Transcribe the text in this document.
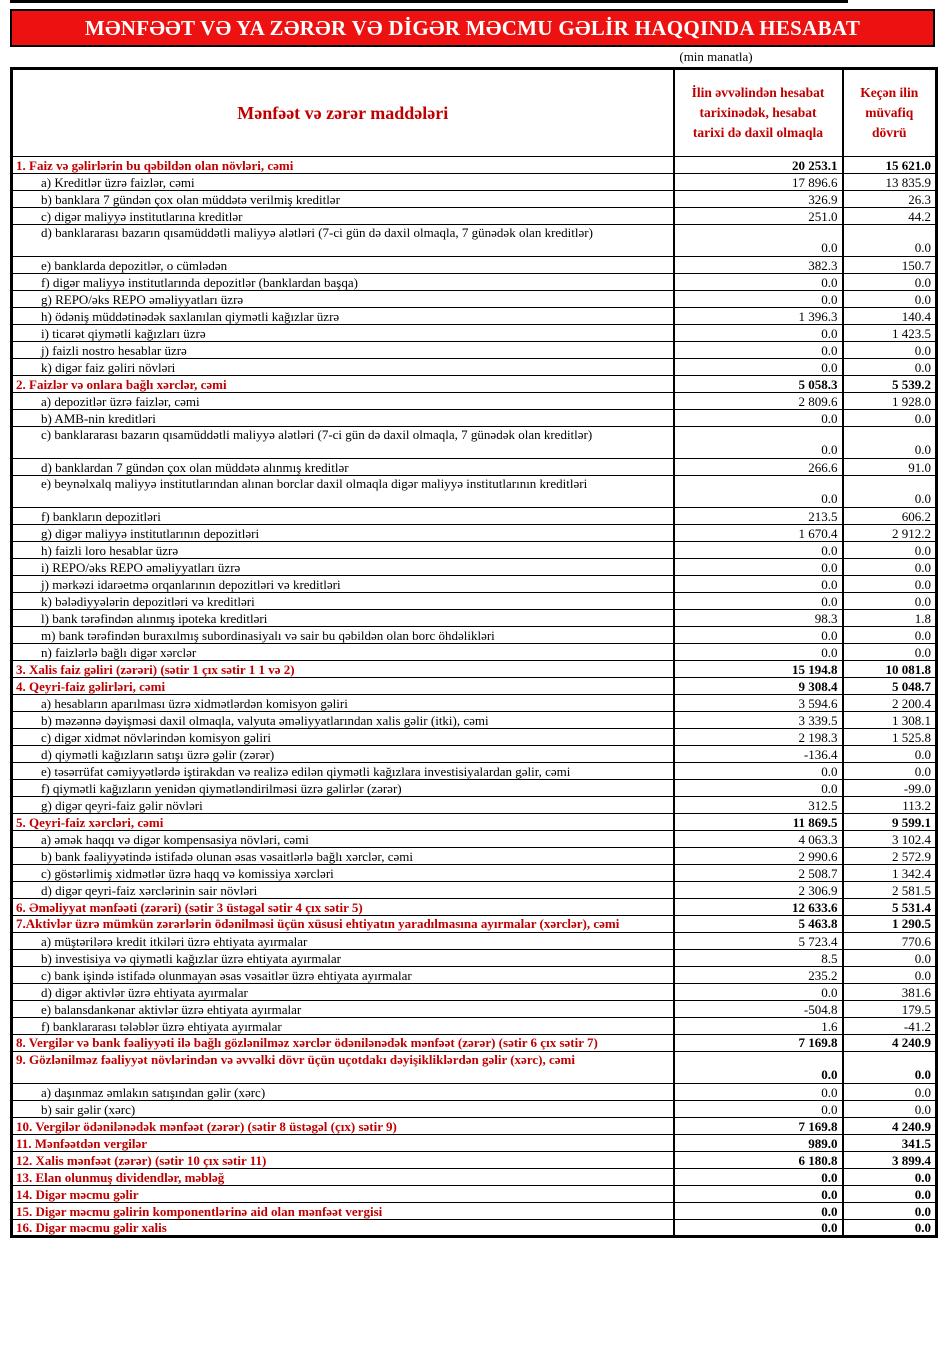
MƏNFƏƏT VƏ YA ZƏRƏR VƏ DİGƏR MƏCMU GƏLİR HAQQINDA HESABAT
(min manatla)
Mənfəət və zərər maddələri	İlin əvvəlindən hesabat tarixinədək, hesabat tarixi də daxil olmaqla	Keçən ilin müvafiq dövrü
1. Faiz və gəlirlərin bu qəbildən olan növləri, cəmi	20 253.1	15 621.0
a) Kreditlər üzrə faizlər, cəmi	17 896.6	13 835.9
b) banklara 7 gündən çox olan müddətə verilmiş kreditlər	326.9	26.3
c) digər maliyyə institutlarına kreditlər	251.0	44.2
d) banklararası bazarın qısamüddətli maliyyə alətləri (7-ci gün də daxil olmaqla, 7 günədək olan kreditlər)	0.0	0.0
e) banklarda depozitlər, o cümlədən	382.3	150.7
f) digər maliyyə institutlarında depozitlər (banklardan başqa)	0.0	0.0
g) REPO/əks REPO əməliyyatları üzrə	0.0	0.0
h) ödəniş müddətinədək saxlanılan qiymətli kağızlar üzrə	1 396.3	140.4
i) ticarət qiymətli kağızları üzrə	0.0	1 423.5
j) faizli nostro hesablar üzrə	0.0	0.0
k) digər faiz gəliri növləri	0.0	0.0
2. Faizlər və onlara bağlı xərclər, cəmi	5 058.3	5 539.2
a) depozitlər üzrə faizlər, cəmi	2 809.6	1 928.0
b) AMB-nin kreditləri	0.0	0.0
c) banklararası bazarın qısamüddətli maliyyə alətləri (7-ci gün də daxil olmaqla, 7 günədək olan kreditlər)	0.0	0.0
d) banklardan 7 gündən çox olan müddətə alınmış kreditlər	266.6	91.0
e) beynəlxalq maliyyə institutlarından alınan borclar daxil olmaqla digər maliyyə institutlarının kreditləri	0.0	0.0
f) bankların depozitləri	213.5	606.2
g) digər maliyyə institutlarının depozitləri	1 670.4	2 912.2
h) faizli loro hesablar üzrə	0.0	0.0
i) REPO/əks REPO əməliyyatları üzrə	0.0	0.0
j) mərkəzi idarəetmə orqanlarının depozitləri və kreditləri	0.0	0.0
k) bələdiyyələrin depozitləri və kreditləri	0.0	0.0
l) bank tərəfindən alınmış ipoteka kreditləri	98.3	1.8
m) bank tərəfindən buraxılmış subordinasiyalı və sair bu qəbildən olan borc öhdəlikləri	0.0	0.0
n) faizlərlə bağlı digər xərclər	0.0	0.0
3. Xalis faiz gəliri (zərəri) (sətir 1 çıx sətir 1 1 və 2)	15 194.8	10 081.8
4. Qeyri-faiz gəlirləri, cəmi	9 308.4	5 048.7
a) hesabların aparılması üzrə xidmətlərdən komisyon gəliri	3 594.6	2 200.4
b) məzənnə dəyişməsi daxil olmaqla, valyuta əməliyyatlarından xalis gəlir (itki), cəmi	3 339.5	1 308.1
c) digər xidmət növlərindən komisyon gəliri	2 198.3	1 525.8
d) qiymətli kağızların satışı üzrə gəlir (zərər)	-136.4	0.0
e) təsərrüfat cəmiyyətlərdə iştirakdan və realizə edilən qiymətli kağızlara investisiyalardan gəlir, cəmi	0.0	0.0
f) qiymətli kağızların yenidən qiymətləndirilməsi üzrə gəlirlər (zərər)	0.0	-99.0
g) digər qeyri-faiz gəlir növləri	312.5	113.2
5. Qeyri-faiz xərcləri, cəmi	11 869.5	9 599.1
a) əmək haqqı və digər kompensasiya növləri, cəmi	4 063.3	3 102.4
b) bank fəaliyyətində istifadə olunan əsas vəsaitlərlə bağlı xərclər, cəmi	2 990.6	2 572.9
c) göstərlimiş xidmətlər üzrə haqq və komissiya xərcləri	2 508.7	1 342.4
d) digər qeyri-faiz xərclərinin sair növləri	2 306.9	2 581.5
6. Əməliyyat mənfəəti (zərəri) (sətir 3 üstəgəl sətir 4 çıx sətir 5)	12 633.6	5 531.4
7.Aktivlər üzrə mümkün zərərlərin ödənilməsi üçün xüsusi ehtiyatın yaradılmasına ayırmalar (xərclər), cəmi	5 463.8	1 290.5
a) müştərilərə kredit itkiləri üzrə ehtiyata ayırmalar	5 723.4	770.6
b) investisiya və qiymətli kağızlar üzrə ehtiyata ayırmalar	8.5	0.0
c) bank işində istifadə olunmayan əsas vəsaitlər üzrə ehtiyata ayırmalar	235.2	0.0
d) digər aktivlər üzrə ehtiyata ayırmalar	0.0	381.6
e) balansdankənar aktivlər üzrə ehtiyata ayırmalar	-504.8	179.5
f) banklararası tələblər üzrə ehtiyata ayırmalar	1.6	-41.2
8. Vergilər və bank fəaliyyəti ilə bağlı gözlənilməz xərclər ödənilənədək mənfəət (zərər) (sətir 6 çıx sətir 7)	7 169.8	4 240.9
9. Gözlənilməz fəaliyyət növlərindən və əvvəlki dövr üçün uçotdakı dəyişikliklərdən gəlir (xərc), cəmi	0.0	0.0
a) daşınmaz əmlakın satışından gəlir (xərc)	0.0	0.0
b) sair gəlir (xərc)	0.0	0.0
10. Vergilər ödənilənədək mənfəət (zərər) (sətir 8 üstəgəl (çıx) sətir 9)	7 169.8	4 240.9
11. Mənfəətdən vergilər	989.0	341.5
12. Xalis mənfəət (zərər) (sətir 10 çıx sətir 11)	6 180.8	3 899.4
13. Elan olunmuş dividendlər, məbləğ	0.0	0.0
14. Digər məcmu gəlir	0.0	0.0
15. Digər məcmu gəlirin komponentlərinə aid olan mənfəət vergisi	0.0	0.0
16. Digər məcmu gəlir xalis	0.0	0.0
